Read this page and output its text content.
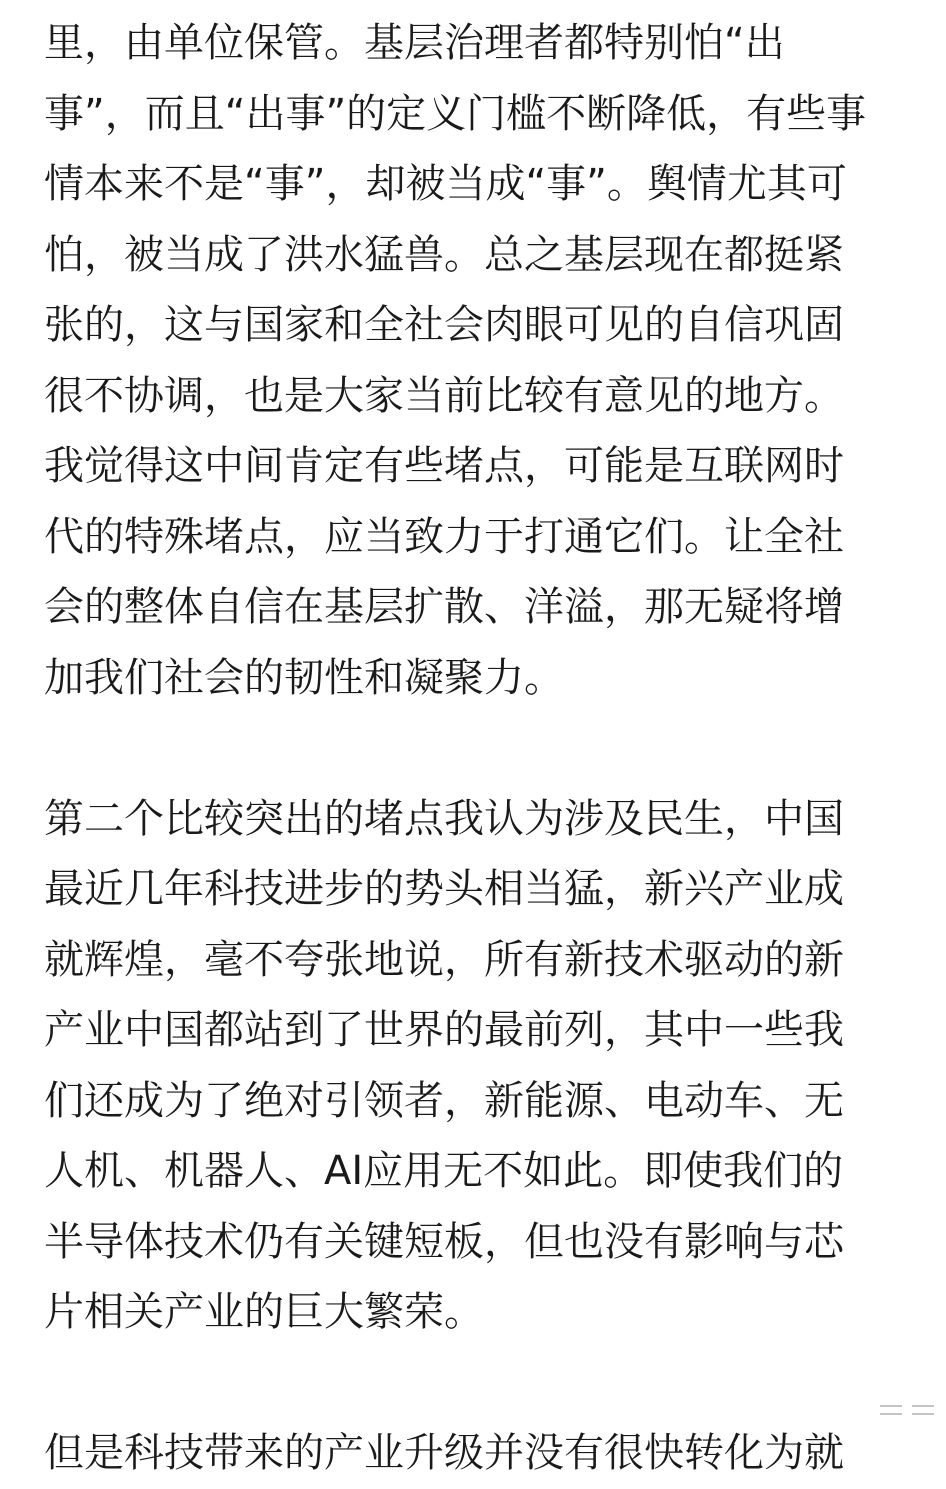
里，由单位保管。基层治理者都特别怕“出
事”，而且“出事”的定义门槛不断降低，有些事
情本来不是“事”，却被当成“事”。舆情尤其可
怕，被当成了洪水猛兽。总之基层现在都挺紧
张的，这与国家和全社会肉眼可见的自信巩固
很不协调，也是大家当前比较有意见的地方。
我觉得这中间肯定有些堵点，可能是互联网时
代的特殊堵点，应当致力于打通它们。让全社
会的整体自信在基层扩散、洋溢，那无疑将增
加我们社会的韧性和凝聚力。
第二个比较突出的堵点我认为涉及民生，中国
最近几年科技进步的势头相当猛，新兴产业成
就辉煌，毫不夸张地说，所有新技术驱动的新
产业中国都站到了世界的最前列，其中一些我
们还成为了绝对引领者，新能源、电动车、无
人机、机器人、AI应用无不如此。即使我们的
半导体技术仍有关键短板，但也没有影响与芯
片相关产业的巨大繁荣。
但是科技带来的产业升级并没有很快转化为就
